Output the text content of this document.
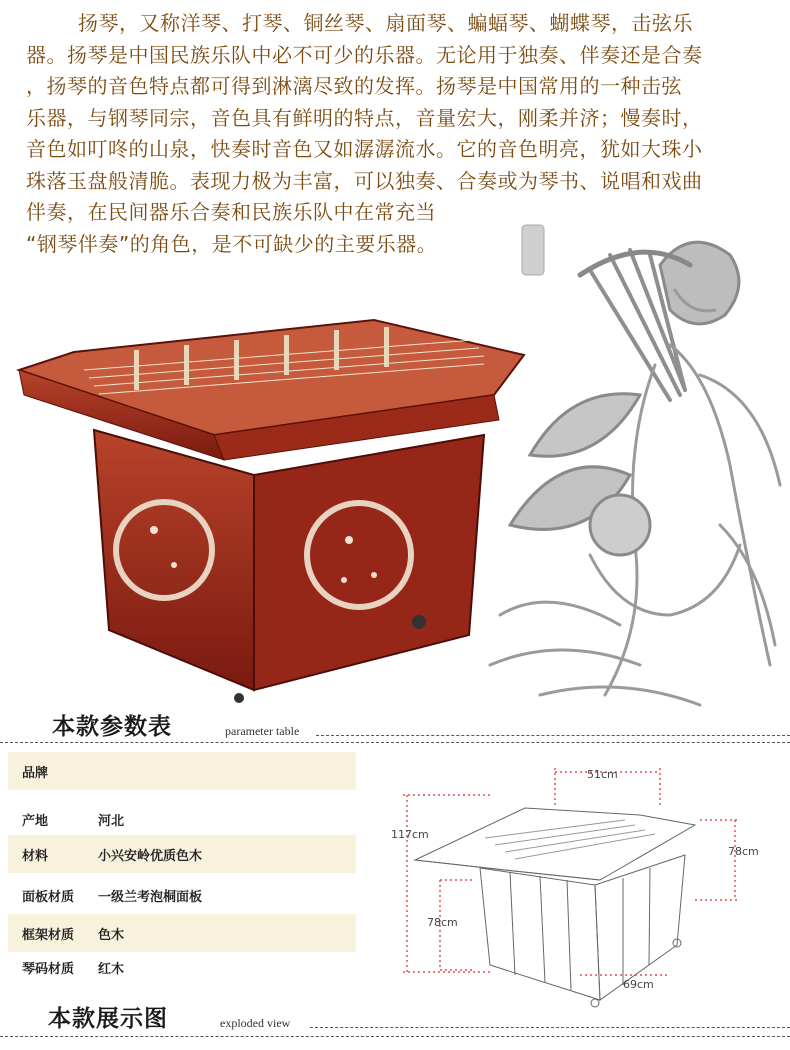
扬琴，又称洋琴、打琴、铜丝琴、扇面琴、蝙蝠琴、蝴蝶琴，击弦乐
器。扬琴是中国民族乐队中必不可少的乐器。无论用于独奏、伴奏还是合奏
，扬琴的音色特点都可得到淋漓尽致的发挥。扬琴是中国常用的一种击弦
乐器，与钢琴同宗，音色具有鲜明的特点，音量宏大，刚柔并济；慢奏时，
音色如叮咚的山泉，快奏时音色又如潺潺流水。它的音色明亮，犹如大珠小
珠落玉盘般清脆。表现力极为丰富，可以独奏、合奏或为琴书、说唱和戏曲
伴奏，在民间器乐合奏和民族乐队中在常充当
“钢琴伴奏”的角色，是不可缺少的主要乐器。
本款参数表	parameter table
品牌
产地	河北
材料	小兴安岭优质色木
面板材质	一级兰考泡桐面板
框架材质	色木
琴码材质	红木
51cm
117cm
78cm
78cm
69cm
本款展示图	exploded view
